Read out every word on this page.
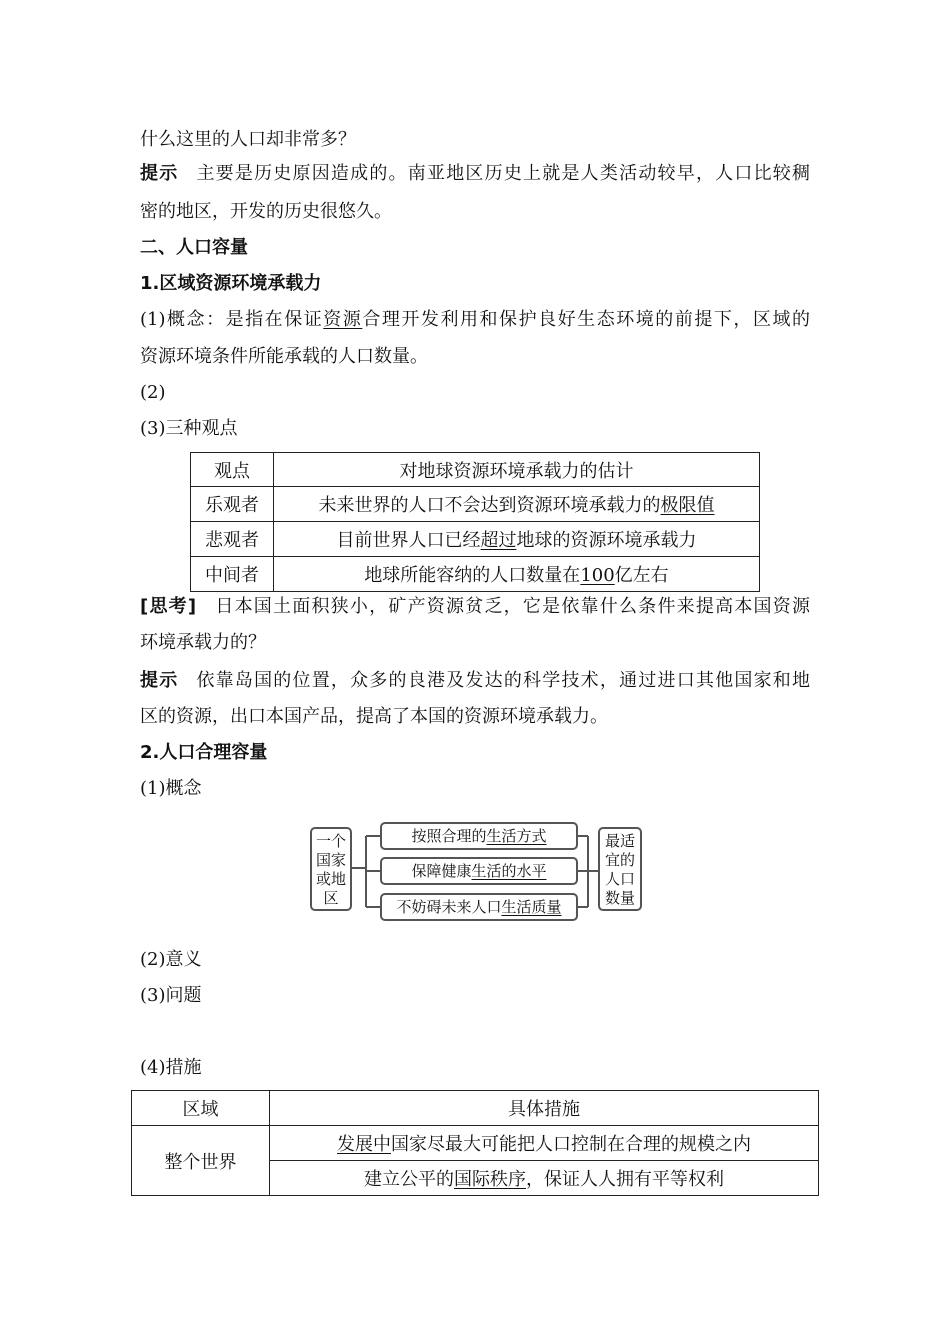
什么这里的人口却非常多？
提示 主要是历史原因造成的。南亚地区历史上就是人类活动较早，人口比较稠
密的地区，开发的历史很悠久。
二、人口容量
1.区域资源环境承载力
(1)概念：是指在保证资源合理开发利用和保护良好生态环境的前提下，区域的
资源环境条件所能承载的人口数量。
(2)
(3)三种观点
观点	对地球资源环境承载力的估计
乐观者	未来世界的人口不会达到资源环境承载力的极限值
悲观者	目前世界人口已经超过地球的资源环境承载力
中间者	地球所能容纳的人口数量在100亿左右
[思考] 日本国土面积狭小，矿产资源贫乏，它是依靠什么条件来提高本国资源
环境承载力的？
提示 依靠岛国的位置，众多的良港及发达的科学技术，通过进口其他国家和地
区的资源，出口本国产品，提高了本国的资源环境承载力。
2.人口合理容量
(1)概念
一个
国家
或地
区
按照合理的生活方式
保障健康生活的水平
不妨碍未来人口生活质量
最适
宜的
人口
数量
(2)意义
(3)问题
(4)措施
区域	具体措施
整个世界	发展中国家尽最大可能把人口控制在合理的规模之内
	建立公平的国际秩序，保证人人拥有平等权利
